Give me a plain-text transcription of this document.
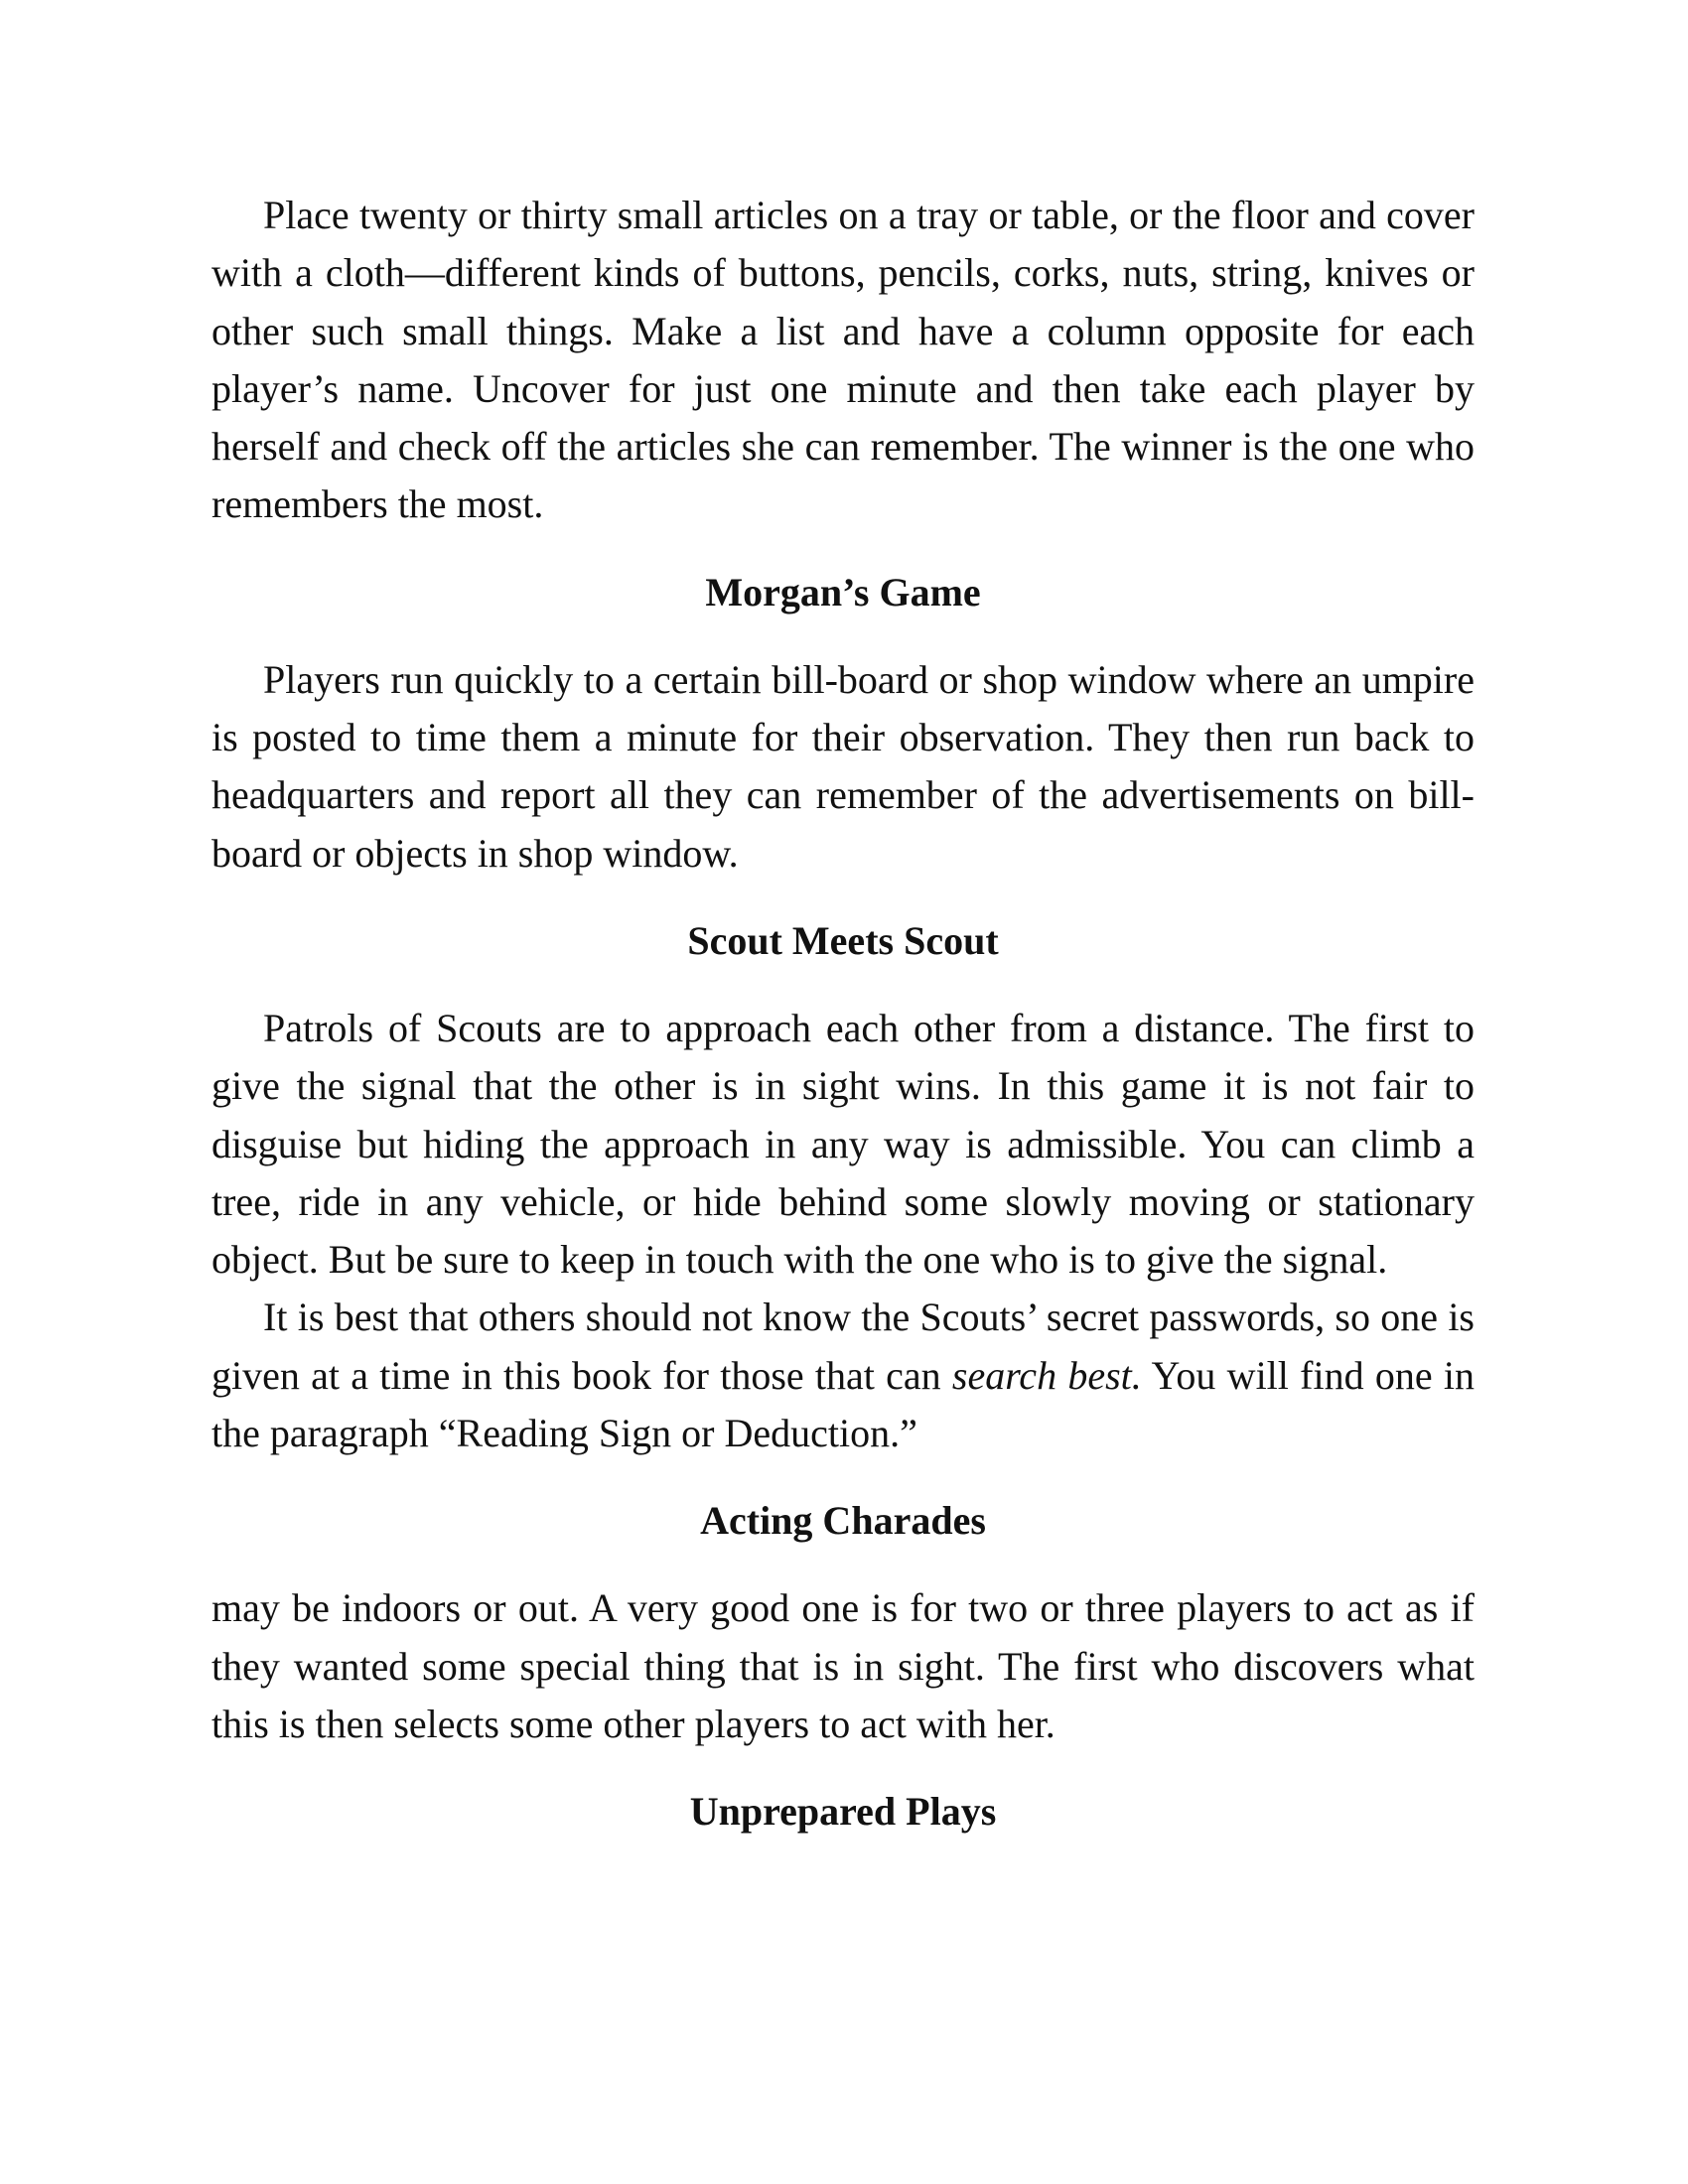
Place twenty or thirty small articles on a tray or table, or the floor and cover with a cloth—different kinds of buttons, pencils, corks, nuts, string, knives or other such small things. Make a list and have a column opposite for each player’s name. Uncover for just one minute and then take each player by herself and check off the articles she can remember. The winner is the one who remembers the most.

Morgan’s Game

Players run quickly to a certain bill-board or shop window where an umpire is posted to time them a minute for their observation. They then run back to headquarters and report all they can remember of the advertisements on bill-board or objects in shop window.

Scout Meets Scout

Patrols of Scouts are to approach each other from a distance. The first to give the signal that the other is in sight wins. In this game it is not fair to disguise but hiding the approach in any way is admissible. You can climb a tree, ride in any vehicle, or hide behind some slowly moving or stationary object. But be sure to keep in touch with the one who is to give the signal.

It is best that others should not know the Scouts’ secret passwords, so one is given at a time in this book for those that can search best. You will find one in the paragraph “Reading Sign or Deduction.”

Acting Charades

may be indoors or out. A very good one is for two or three players to act as if they wanted some special thing that is in sight. The first who discovers what this is then selects some other players to act with her.

Unprepared Plays
